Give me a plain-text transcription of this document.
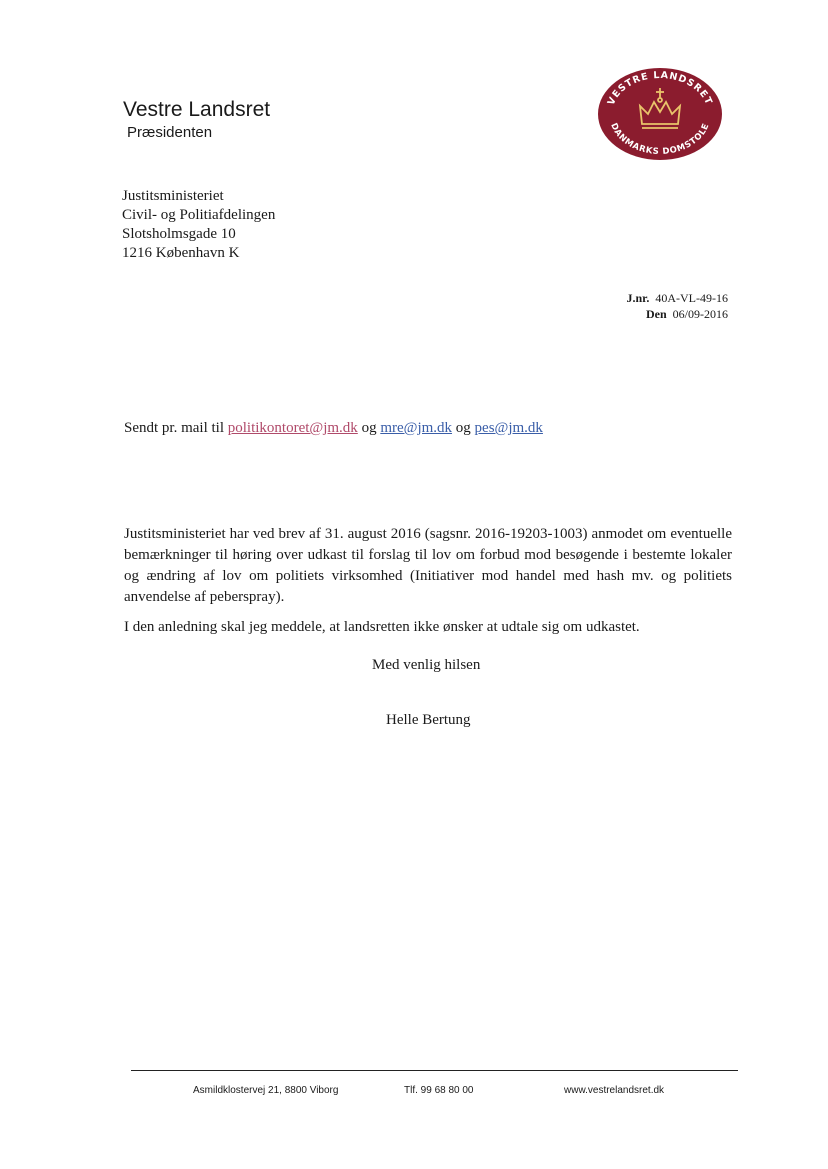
Vestre Landsret
Præsidenten
VESTRE LANDSRET
DANMARKS DOMSTOLE
Justitsministeriet
Civil- og Politiafdelingen
Slotsholmsgade 10
1216 København K
J.nr. 40A-VL-49-16
Den 06/09-2016
Sendt pr. mail til politikontoret@jm.dk og mre@jm.dk og pes@jm.dk
Justitsministeriet har ved brev af 31. august 2016 (sagsnr. 2016-19203-1003) anmodet om eventuelle bemærkninger til høring over udkast til forslag til lov om forbud mod besøgende i bestemte lokaler og ændring af lov om politiets virksomhed (Initiativer mod handel med hash mv. og politiets anvendelse af peberspray).
I den anledning skal jeg meddele, at landsretten ikke ønsker at udtale sig om udkastet.
Med venlig hilsen
Helle Bertung
Asmildklostervej 21, 8800 Viborg	Tlf. 99 68 80 00	www.vestrelandsret.dk
